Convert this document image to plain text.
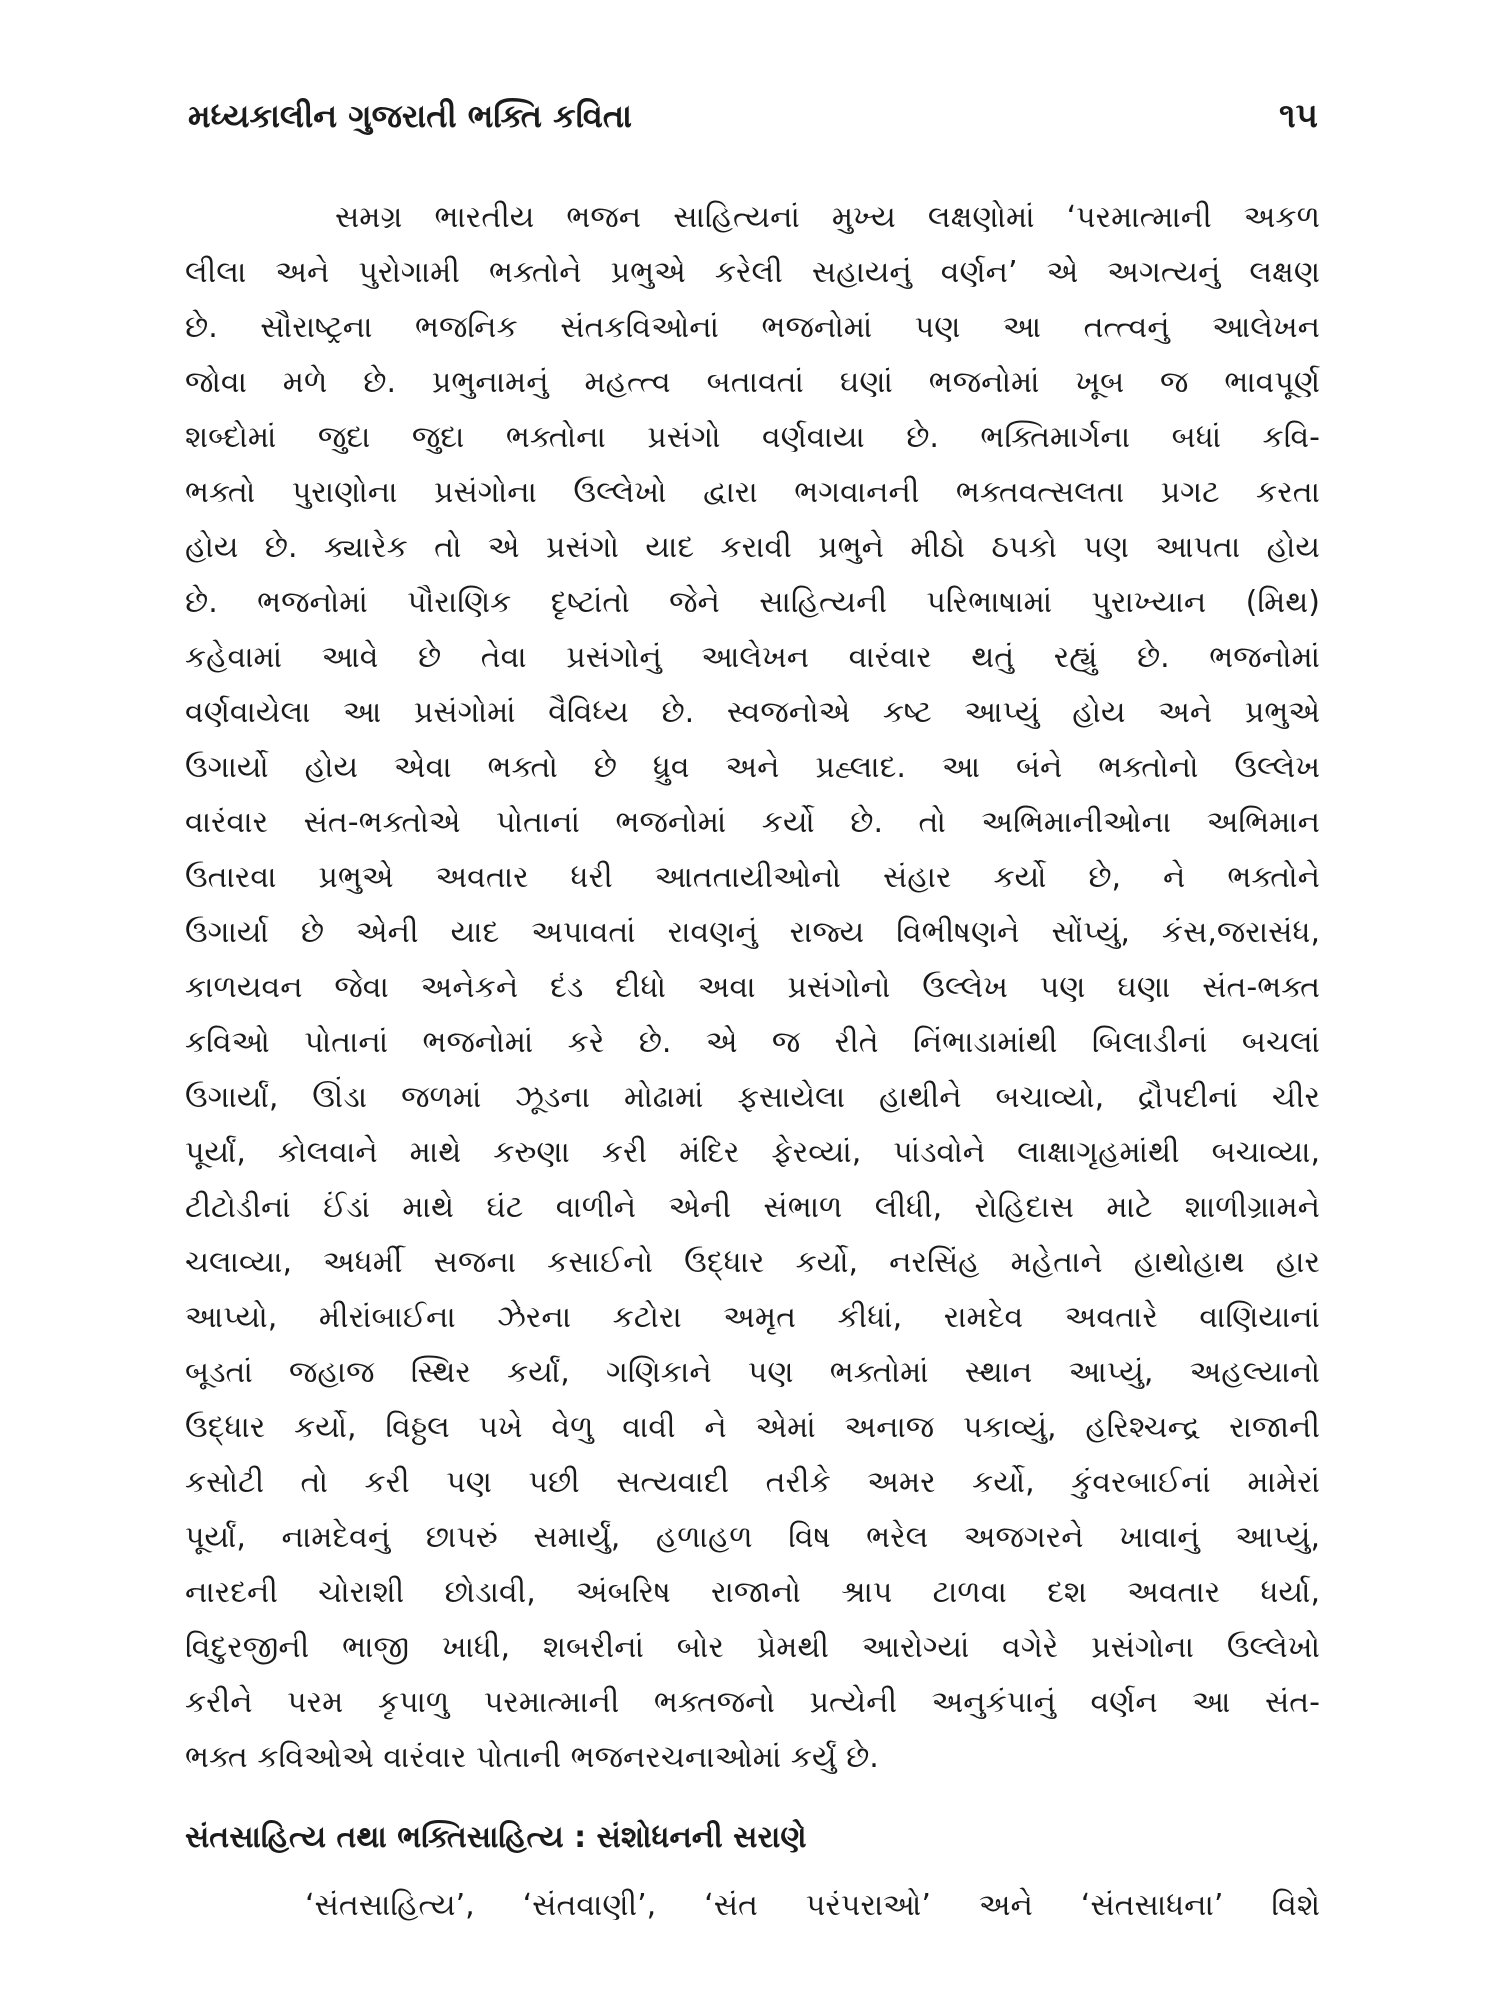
મધ્યકાલીન ગુજરાતી ભક્તિ કવિતા	૧૫
સમગ્ર ભારતીય ભજન સાહિત્યનાં મુખ્ય લક્ષણોમાં ‘પરમાત્માની અકળ
લીલા અને પુરોગામી ભક્તોને પ્રભુએ કરેલી સહાયનું વર્ણન’ એ અગત્યનું લક્ષણ
છે. સૌરાષ્ટ્રના ભજનિક સંતકવિઓનાં ભજનોમાં પણ આ તત્ત્વનું આલેખન
જોવા મળે છે. પ્રભુનામનું મહત્ત્વ બતાવતાં ઘણાં ભજનોમાં ખૂબ જ ભાવપૂર્ણ
શબ્દોમાં જુદા જુદા ભક્તોના પ્રસંગો વર્ણવાયા છે. ભક્તિમાર્ગના બધાં કવિ-
ભક્તો પુરાણોના પ્રસંગોના ઉલ્લેખો દ્વારા ભગવાનની ભક્તવત્સલતા પ્રગટ કરતા
હોય છે. ક્યારેક તો એ પ્રસંગો યાદ કરાવી પ્રભુને મીઠો ઠપકો પણ આપતા હોય
છે. ભજનોમાં પૌરાણિક દૃષ્ટાંતો જેને સાહિત્યની પરિભાષામાં પુરાખ્યાન (મિથ)
કહેવામાં આવે છે તેવા પ્રસંગોનું આલેખન વારંવાર થતું રહ્યું છે. ભજનોમાં
વર્ણવાયેલા આ પ્રસંગોમાં વૈવિધ્ય છે. સ્વજનોએ કષ્ટ આપ્યું હોય અને પ્રભુએ
ઉગાર્યો હોય એવા ભક્તો છે ધ્રુવ અને પ્રહ્લાદ. આ બંને ભક્તોનો ઉલ્લેખ
વારંવાર સંત-ભક્તોએ પોતાનાં ભજનોમાં કર્યો છે. તો અભિમાનીઓના અભિમાન
ઉતારવા પ્રભુએ અવતાર ધરી આતતાયીઓનો સંહાર કર્યો છે, ને ભક્તોને
ઉગાર્યા છે એની યાદ અપાવતાં રાવણનું રાજ્ય વિભીષણને સોંપ્યું, કંસ,જરાસંધ,
કાળયવન જેવા અનેકને દંડ દીધો અવા પ્રસંગોનો ઉલ્લેખ પણ ઘણા સંત-ભક્ત
કવિઓ પોતાનાં ભજનોમાં કરે છે. એ જ રીતે નિંભાડામાંથી બિલાડીનાં બચલાં
ઉગાર્યાં, ઊંડા જળમાં ઝૂડના મોઢામાં ફસાયેલા હાથીને બચાવ્યો, દ્રૌપદીનાં ચીર
પૂર્યાં, કોલવાને માથે કરુણા કરી મંદિર ફેરવ્યાં, પાંડવોને લાક્ષાગૃહમાંથી બચાવ્યા,
ટીટોડીનાં ઈંડાં માથે ઘંટ વાળીને એની સંભાળ લીધી, રોહિદાસ માટે શાળીગ્રામને
ચલાવ્યા, અધર્મી સજના કસાઈનો ઉદ્ધાર કર્યો, નરસિંહ મહેતાને હાથોહાથ હાર
આપ્યો, મીરાંબાઈના ઝેરના કટોરા અમૃત કીધાં, રામદેવ અવતારે વાણિયાનાં
બૂડતાં જહાજ સ્થિર કર્યાં, ગણિકાને પણ ભક્તોમાં સ્થાન આપ્યું, અહલ્યાનો
ઉદ્ધાર કર્યો, વિઠ્ઠલ પખે વેળુ વાવી ને એમાં અનાજ પકાવ્યું, હરિશ્ચન્દ્ર રાજાની
કસોટી તો કરી પણ પછી સત્યવાદી તરીકે અમર કર્યો, કુંવરબાઈનાં મામેરાં
પૂર્યાં, નામદેવનું છાપરું સમાર્યું, હળાહળ વિષ ભરેલ અજગરને ખાવાનું આપ્યું,
નારદની ચોરાશી છોડાવી, અંબરિષ રાજાનો શ્રાપ ટાળવા દશ અવતાર ધર્યા,
વિદુરજીની ભાજી ખાધી, શબરીનાં બોર પ્રેમથી આરોગ્યાં વગેરે પ્રસંગોના ઉલ્લેખો
કરીને પરમ કૃપાળુ પરમાત્માની ભક્તજનો પ્રત્યેની અનુકંપાનું વર્ણન આ સંત-
ભક્ત કવિઓએ વારંવાર પોતાની ભજનરચનાઓમાં કર્યું છે.
સંતસાહિત્ય તથા ભક્તિસાહિત્ય : સંશોધનની સરાણે
‘સંતસાહિત્ય’, ‘સંતવાણી’, ‘સંત પરંપરાઓ’ અને ‘સંતસાધના’ વિશે
